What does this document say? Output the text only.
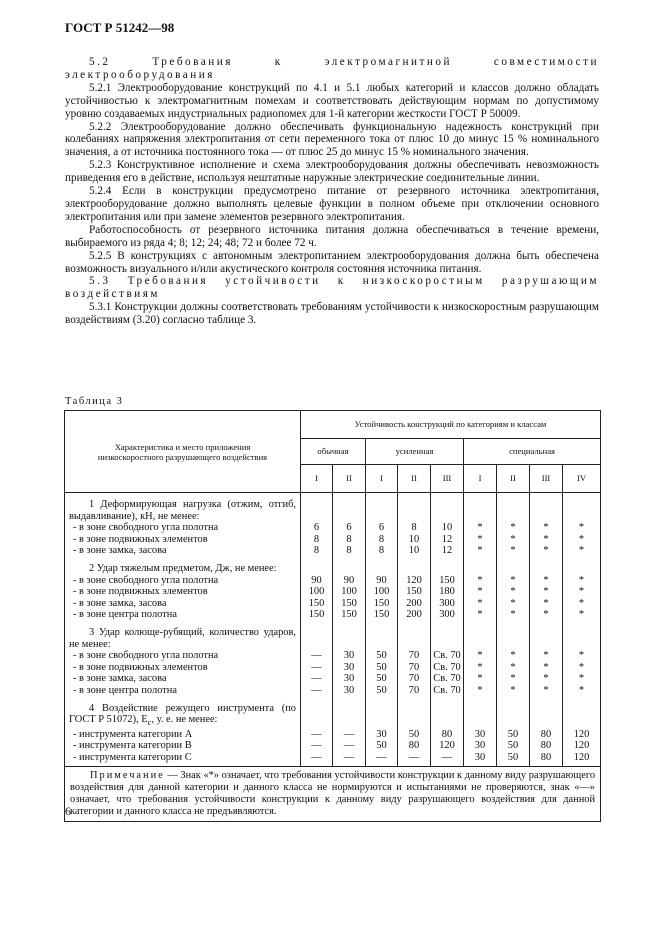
ГОСТ Р 51242—98

5.2 Требования к электромагнитной совместимости электрооборудования

5.2.1 Электрооборудование конструкций по 4.1 и 5.1 любых категорий и классов должно обладать устойчивостью к электромагнитным помехам и соответствовать действующим нормам по допустимому уровню создаваемых индустриальных радиопомех для 1-й категории жесткости ГОСТ Р 50009.

5.2.2 Электрооборудование должно обеспечивать функциональную надежность конструкций при колебаниях напряжения электропитания от сети переменного тока от плюс 10 до минус 15 % номинального значения, а от источника постоянного тока — от плюс 25 до минус 15 % номинального значения.

5.2.3 Конструктивное исполнение и схема электрооборудования должны обеспечивать невозможность приведения его в действие, используя нештатные наружные электрические соединительные линии.

5.2.4 Если в конструкции предусмотрено питание от резервного источника электропитания, электрооборудование должно выполнять целевые функции в полном объеме при отключении основного электропитания или при замене элементов резервного электропитания.

Работоспособность от резервного источника питания должна обеспечиваться в течение времени, выбираемого из ряда 4; 8; 12; 24; 48; 72 и более 72 ч.

5.2.5 В конструкциях с автономным электропитанием электрооборудования должна быть обеспечена возможность визуального и/или акустического контроля состояния источника питания.

5.3 Требования устойчивости к низкоскоростным разрушающим воздействиям

5.3.1 Конструкции должны соответствовать требованиям устойчивости к низкоскоростным разрушающим воздействиям (3.20) согласно таблице 3.

Таблица 3
Характеристика и место приложения низкоскоростного разрушающего воздействия	Устойчивость конструкций по категориям и классам								
	обычная		усиленная			специальная			
	I	II	I	II	III	I	II	III	IV

1 Деформирующая нагрузка (отжим, отгиб, выдавливание), кН, не менее:									

- в зоне свободного угла полотна	6	6	6	8	10	*	*	*	*
- в зоне подвижных элементов	8	8	8	10	12	*	*	*	*
- в зоне замка, засова	8	8	8	10	12	*	*	*	*

2 Удар тяжелым предметом, Дж, не менее:									

- в зоне свободного угла полотна	90	90	90	120	150	*	*	*	*
- в зоне подвижных элементов	100	100	100	150	180	*	*	*	*
- в зоне замка, засова	150	150	150	200	300	*	*	*	*
- в зоне центра полотна	150	150	150	200	300	*	*	*	*

3 Удар колюще-рубящий, количество ударов, не менее:									

- в зоне свободного угла полотна	—	30	50	70	Св. 70	*	*	*	*
- в зоне подвижных элементов	—	30	50	70	Св. 70	*	*	*	*
- в зоне замка, засова	—	30	50	70	Св. 70	*	*	*	*
- в зоне центра полотна	—	30	50	70	Св. 70	*	*	*	*

4 Воздействие режущего инструмента (по ГОСТ Р 51072), $E_c$, у. е. не менее:									

- инструмента категории А	—	—	30	50	80	30	50	80	120
- инструмента категории В	—	—	50	80	120	30	50	80	120
- инструмента категории С	—	—	—	—	—	30	50	80	120

Примечание — Знак «*» означает, что требования устойчивости конструкции к данному виду разрушающего воздействия для данной категории и данного класса не нормируются и испытаниями не проверяются, знак «—» означает, что требования устойчивости конструкции к данному виду разрушающего воздействия для данной категории и данного класса не предъявляются.									
6
